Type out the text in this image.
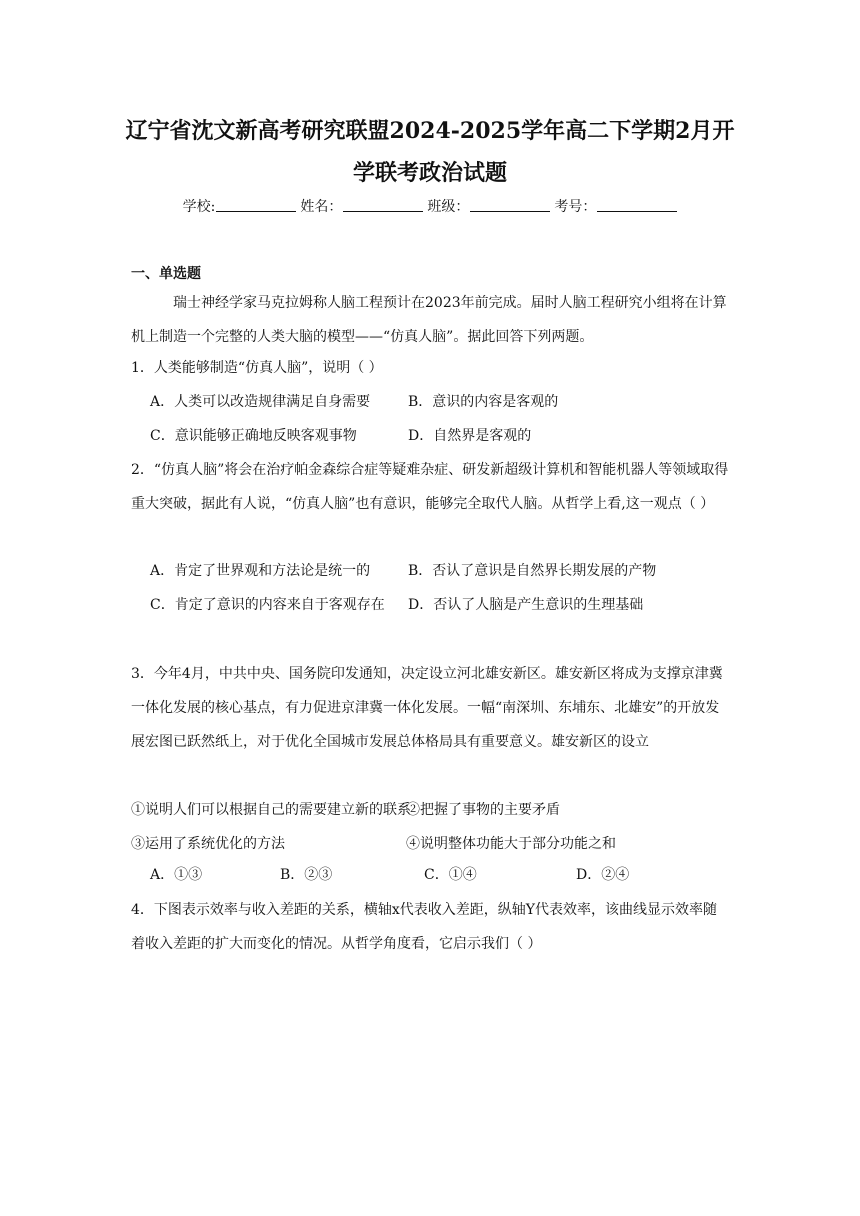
辽宁省沈文新高考研究联盟2024-2025学年高二下学期2月开
学联考政治试题
学校:	姓名：	班级：	考号：
一、单选题
瑞士神经学家马克拉姆称人脑工程预计在2023年前完成。届时人脑工程研究小组将在计算机上制造一个完整的人类大脑的模型——“仿真人脑”。据此回答下列两题。
1．人类能够制造“仿真人脑”，说明（ ）
A．人类可以改造规律满足自身需要	B．意识的内容是客观的
C．意识能够正确地反映客观事物	D．自然界是客观的
2．“仿真人脑”将会在治疗帕金森综合症等疑难杂症、研发新超级计算机和智能机器人等领域取得重大突破，据此有人说，“仿真人脑”也有意识，能够完全取代人脑。从哲学上看,这一观点（ ）
A．肯定了世界观和方法论是统一的	B．否认了意识是自然界长期发展的产物
C．肯定了意识的内容来自于客观存在 D．否认了人脑是产生意识的生理基础
3．今年4月，中共中央、国务院印发通知，决定设立河北雄安新区。雄安新区将成为支撑京津冀一体化发展的核心基点，有力促进京津冀一体化发展。一幅“南深圳、东埔东、北雄安”的开放发展宏图已跃然纸上，对于优化全国城市发展总体格局具有重要意义。雄安新区的设立
①说明人们可以根据自己的需要建立新的联系②把握了事物的主要矛盾
③运用了系统优化的方法	④说明整体功能大于部分功能之和
A．①③	B．②③	C．①④	D．②④
4．下图表示效率与收入差距的关系，横轴x代表收入差距，纵轴Y代表效率，该曲线显示效率随着收入差距的扩大而变化的情况。从哲学角度看，它启示我们（ ）
